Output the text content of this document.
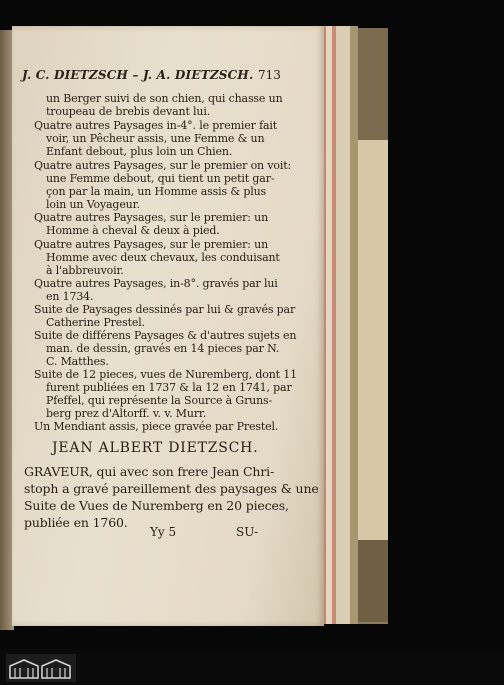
J. C. DIETZSCH – J. A. DIETZSCH. 713
un Berger suivi de son chien, qui chasse un
troupeau de brebis devant lui.
Quatre autres Paysages in-4°. le premier fait
voir, un Pêcheur assis, une Femme & un
Enfant debout, plus loin un Chien.
Quatre autres Paysages, sur le premier on voit:
une Femme debout, qui tient un petit gar-
çon par la main, un Homme assis & plus
loin un Voyageur.
Quatre autres Paysages, sur le premier: un
Homme à cheval & deux à pied.
Quatre autres Paysages, sur le premier: un
Homme avec deux chevaux, les conduisant
à l'abbreuvoir.
Quatre autres Paysages, in-8°. gravés par lui
en 1734.
Suite de Paysages dessinés par lui & gravés par
Catherine Prestel.
Suite de différens Paysages & d'autres sujets en
man. de dessin, gravés en 14 pieces par N.
C. Matthes.
Suite de 12 pieces, vues de Nuremberg, dont 11
furent publiées en 1737 & la 12 en 1741, par
Pfeffel, qui représente la Source à Gruns-
berg prez d'Altorff. v. v. Murr.
Un Mendiant assis, piece gravée par Prestel.
JEAN ALBERT DIETZSCH.
GRAVEUR, qui avec son frere Jean Chri-
stoph a gravé pareillement des paysages & une
Suite de Vues de Nuremberg en 20 pieces,
publiée en 1760.
Yy 5	SU-
